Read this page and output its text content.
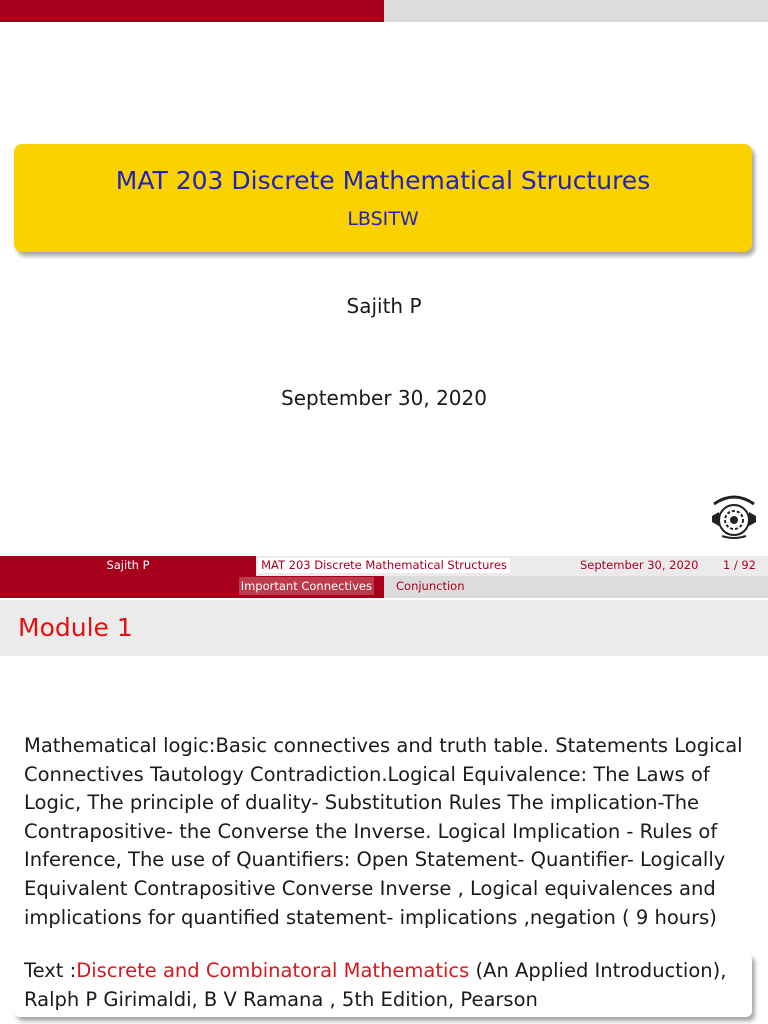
MAT 203 Discrete Mathematical Structures
LBSITW
Sajith P
September 30, 2020
Sajith P	MAT 203 Discrete Mathematical Structures	September 30, 2020 1 / 92
Important Connectives Conjunction
Module 1
Mathematical logic:Basic connectives and truth table. Statements Logical Connectives Tautology Contradiction.Logical Equivalence: The Laws of Logic, The principle of duality- Substitution Rules The implication-The Contrapositive- the Converse the Inverse. Logical Implication - Rules of Inference, The use of Quantifiers: Open Statement- Quantifier- Logically Equivalent Contrapositive Converse Inverse , Logical equivalences and implications for quantified statement- implications ,negation ( 9 hours)
Text :Discrete and Combinatoral Mathematics (An Applied Introduction), Ralph P Girimaldi, B V Ramana , 5th Edition, Pearson
